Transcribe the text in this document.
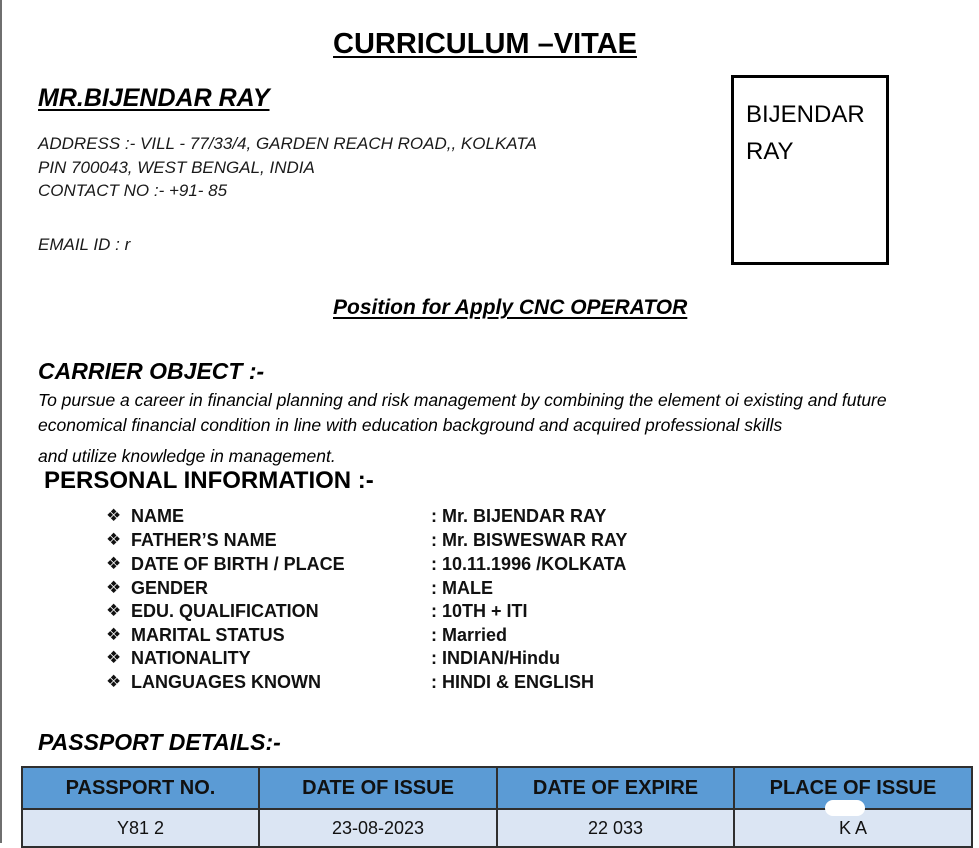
CURRICULUM –VITAE
MR.BIJENDAR RAY
ADDRESS :- VILL - 77/33/4, GARDEN REACH ROAD,, KOLKATA
PIN 700043, WEST BENGAL, INDIA
CONTACT NO :- +91- 85
EMAIL ID : r
BIJENDAR RAY
Position for Apply CNC OPERATOR
CARRIER OBJECT :-
To pursue a career in financial planning and risk management by combining the element oi existing and future economical financial condition in line with education background and acquired professional skills
and utilize knowledge in management.
PERSONAL INFORMATION :-
❖ NAME	: Mr. BIJENDAR RAY
❖ FATHER’S NAME	: Mr. BISWESWAR RAY
❖ DATE OF BIRTH / PLACE	: 10.11.1996 /KOLKATA
❖ GENDER	: MALE
❖ EDU. QUALIFICATION	: 10TH + ITI
❖ MARITAL STATUS	: Married
❖ NATIONALITY	: INDIAN/Hindu
❖ LANGUAGES KNOWN	: HINDI & ENGLISH
PASSPORT DETAILS:-
PASSPORT NO.	DATE OF ISSUE	DATE OF EXPIRE	PLACE OF ISSUE
Y81 2	23-08-2023	22 033	K A
